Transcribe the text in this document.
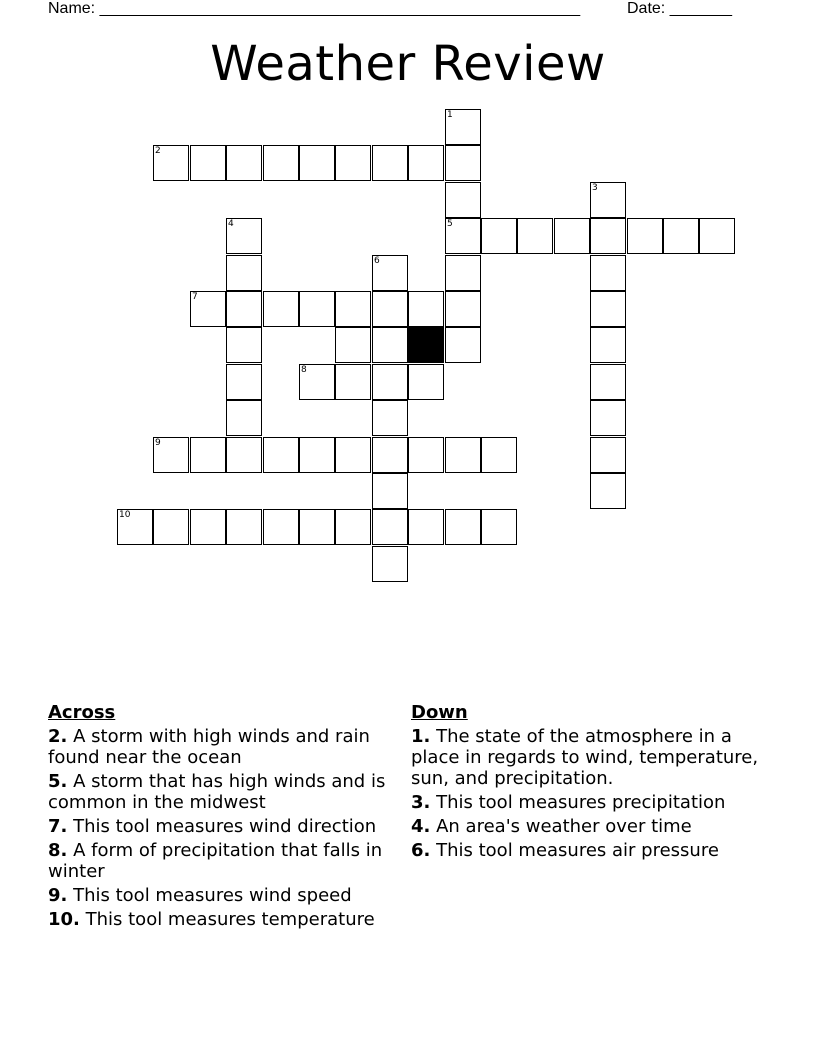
Name: ______________________________________________________	Date: _______
Weather Review
2
5
7
8
9
10
1
3
4
6
Across
2. A storm with high winds and rain found near the ocean
5. A storm that has high winds and is common in the midwest
7. This tool measures wind direction
8. A form of precipitation that falls in winter
9. This tool measures wind speed
10. This tool measures temperature
Down
1. The state of the atmosphere in a place in regards to wind, temperature, sun, and precipitation.
3. This tool measures precipitation
4. An area's weather over time
6. This tool measures air pressure
